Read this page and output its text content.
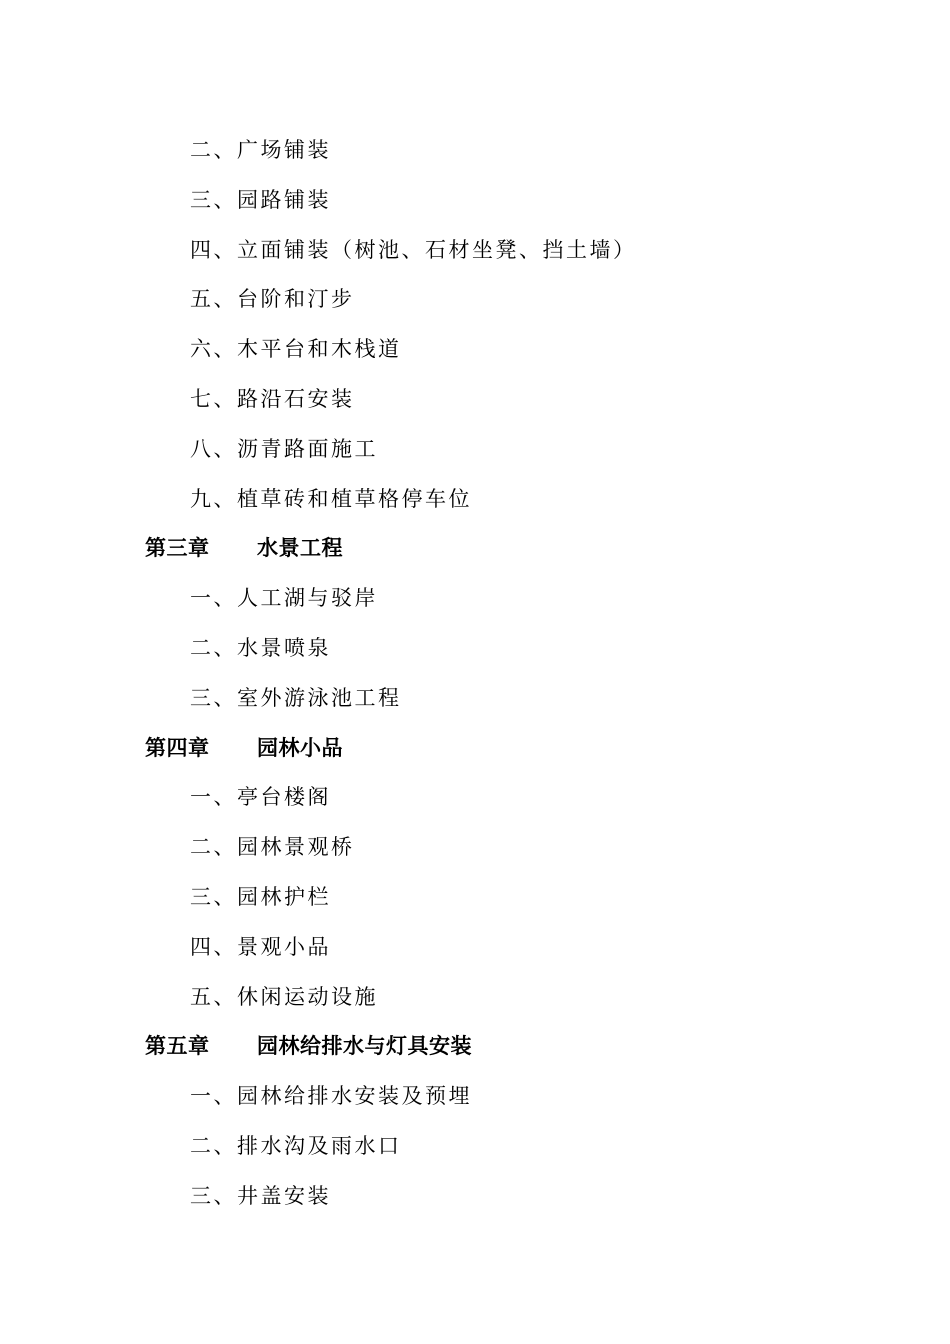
二、广场铺装
三、园路铺装
四、立面铺装（树池、石材坐凳、挡土墙）
五、台阶和汀步
六、木平台和木栈道
七、路沿石安装
八、沥青路面施工
九、植草砖和植草格停车位
第三章 水景工程
一、人工湖与驳岸
二、水景喷泉
三、室外游泳池工程
第四章 园林小品
一、亭台楼阁
二、园林景观桥
三、园林护栏
四、景观小品
五、休闲运动设施
第五章 园林给排水与灯具安装
一、园林给排水安装及预埋
二、排水沟及雨水口
三、井盖安装
